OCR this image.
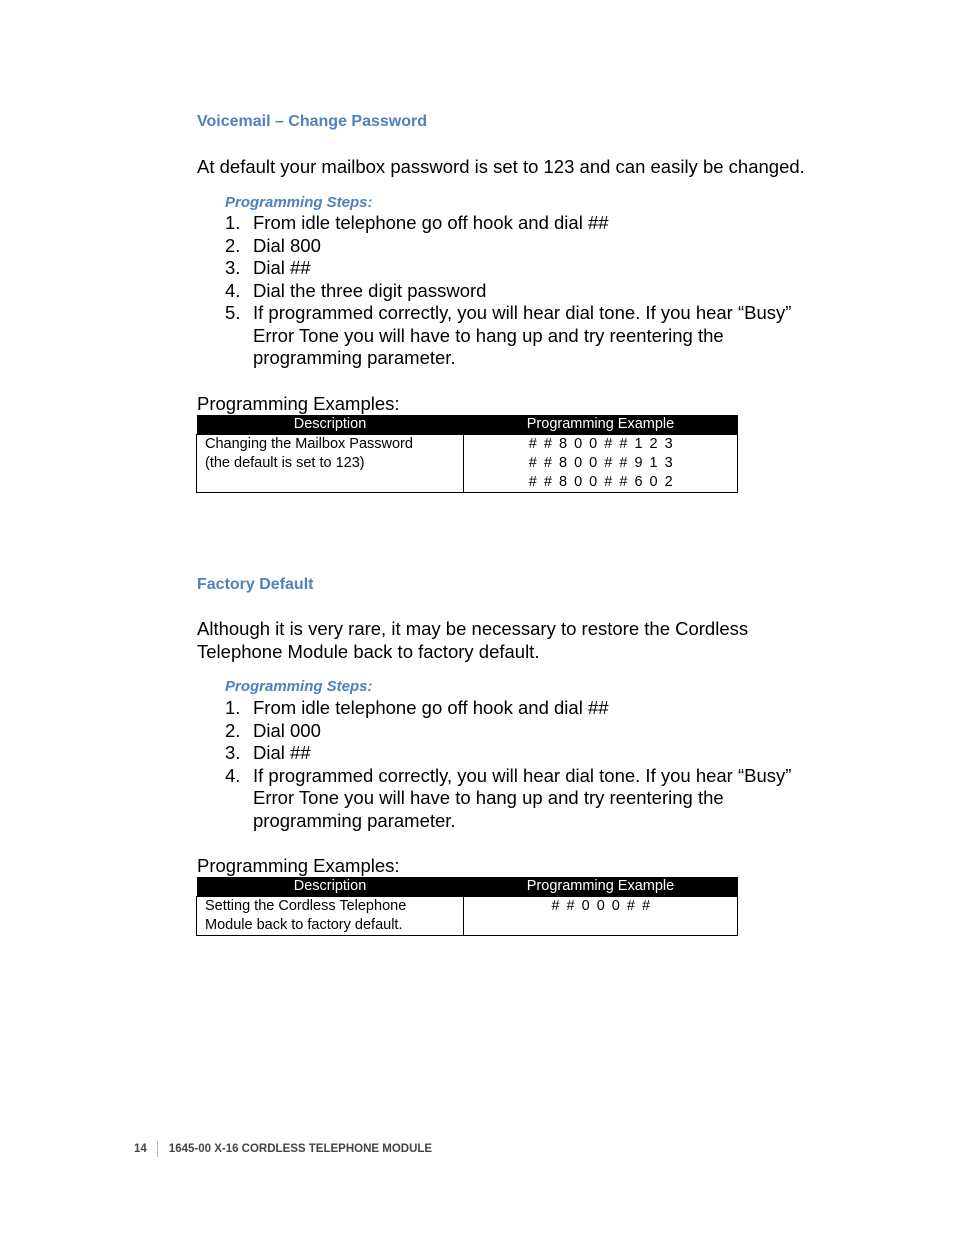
Voicemail – Change Password
At default your mailbox password is set to 123 and can easily be changed.
Programming Steps:
1. From idle telephone go off hook and dial ##
2. Dial 800
3. Dial ##
4. Dial the three digit password
5. If programmed correctly, you will hear dial tone. If you hear “Busy” Error Tone you will have to hang up and try reentering the programming parameter.
Programming Examples:
Description	Programming Example

Changing the Mailbox Password
(the default is set to 123)	# # 8 0 0 # # 1 2 3
# # 8 0 0 # # 9 1 3
# # 8 0 0 # # 6 0 2
Factory Default
Although it is very rare, it may be necessary to restore the Cordless Telephone Module back to factory default.
Programming Steps:
1. From idle telephone go off hook and dial ##
2. Dial 000
3. Dial ##
4. If programmed correctly, you will hear dial tone. If you hear “Busy” Error Tone you will have to hang up and try reentering the programming parameter.
Programming Examples:
Description	Programming Example

Setting the Cordless Telephone
Module back to factory default.	# # 0 0 0 # #
14 1645-00 X-16 CORDLESS TELEPHONE MODULE
